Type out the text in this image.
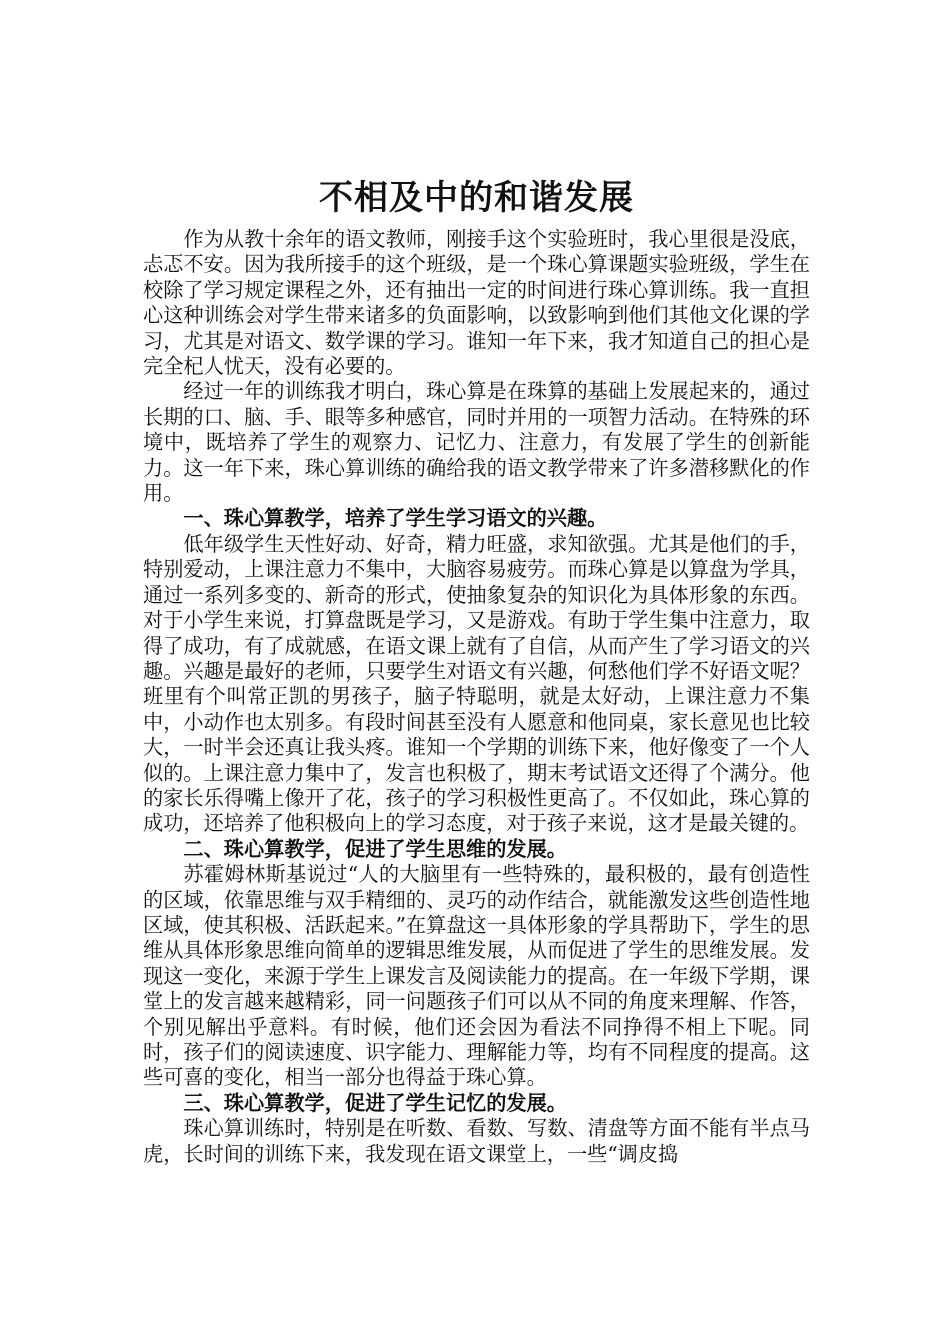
不相及中的和谐发展

作为从教十余年的语文教师，刚接手这个实验班时，我心里很是没底，忐忑不安。因为我所接手的这个班级，是一个珠心算课题实验班级，学生在校除了学习规定课程之外，还有抽出一定的时间进行珠心算训练。我一直担心这种训练会对学生带来诸多的负面影响，以致影响到他们其他文化课的学习，尤其是对语文、数学课的学习。谁知一年下来，我才知道自己的担心是完全杞人忧天，没有必要的。

经过一年的训练我才明白，珠心算是在珠算的基础上发展起来的，通过长期的口、脑、手、眼等多种感官，同时并用的一项智力活动。在特殊的环境中，既培养了学生的观察力、记忆力、注意力，有发展了学生的创新能力。这一年下来，珠心算训练的确给我的语文教学带来了许多潜移默化的作用。

一、珠心算教学，培养了学生学习语文的兴趣。

低年级学生天性好动、好奇，精力旺盛，求知欲强。尤其是他们的手，特别爱动，上课注意力不集中，大脑容易疲劳。而珠心算是以算盘为学具，通过一系列多变的、新奇的形式，使抽象复杂的知识化为具体形象的东西。对于小学生来说，打算盘既是学习，又是游戏。有助于学生集中注意力，取得了成功，有了成就感，在语文课上就有了自信，从而产生了学习语文的兴趣。兴趣是最好的老师，只要学生对语文有兴趣，何愁他们学不好语文呢？班里有个叫常正凯的男孩子，脑子特聪明，就是太好动，上课注意力不集中，小动作也太别多。有段时间甚至没有人愿意和他同桌，家长意见也比较大，一时半会还真让我头疼。谁知一个学期的训练下来，他好像变了一个人似的。上课注意力集中了，发言也积极了，期末考试语文还得了个满分。他的家长乐得嘴上像开了花，孩子的学习积极性更高了。不仅如此，珠心算的成功，还培养了他积极向上的学习态度，对于孩子来说，这才是最关键的。

二、珠心算教学，促进了学生思维的发展。

苏霍姆林斯基说过“人的大脑里有一些特殊的，最积极的，最有创造性的区域，依靠思维与双手精细的、灵巧的动作结合，就能激发这些创造性地区域，使其积极、活跃起来。”在算盘这一具体形象的学具帮助下，学生的思维从具体形象思维向简单的逻辑思维发展，从而促进了学生的思维发展。发现这一变化，来源于学生上课发言及阅读能力的提高。在一年级下学期，课堂上的发言越来越精彩，同一问题孩子们可以从不同的角度来理解、作答，个别见解出乎意料。有时候，他们还会因为看法不同挣得不相上下呢。同时，孩子们的阅读速度、识字能力、理解能力等，均有不同程度的提高。这些可喜的变化，相当一部分也得益于珠心算。

三、珠心算教学，促进了学生记忆的发展。

珠心算训练时，特别是在听数、看数、写数、清盘等方面不能有半点马虎，长时间的训练下来，我发现在语文课堂上，一些“调皮捣
